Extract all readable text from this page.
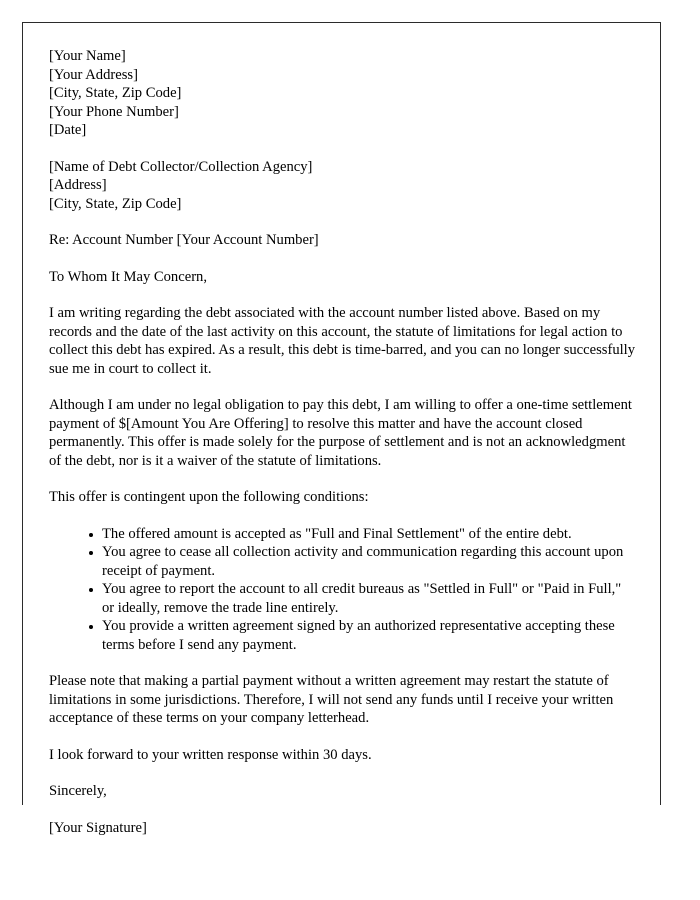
[Your Name]
[Your Address]
[City, State, Zip Code]
[Your Phone Number]
[Date]
[Name of Debt Collector/Collection Agency]
[Address]
[City, State, Zip Code]
Re: Account Number [Your Account Number]
To Whom It May Concern,

I am writing regarding the debt associated with the account number listed above. Based on my records and the date of the last activity on this account, the statute of limitations for legal action to collect this debt has expired. As a result, this debt is time-barred, and you can no longer successfully sue me in court to collect it.

Although I am under no legal obligation to pay this debt, I am willing to offer a one-time settlement payment of $[Amount You Are Offering] to resolve this matter and have the account closed permanently. This offer is made solely for the purpose of settlement and is not an acknowledgment of the debt, nor is it a waiver of the statute of limitations.

This offer is contingent upon the following conditions:

The offered amount is accepted as "Full and Final Settlement" of the entire debt.
You agree to cease all collection activity and communication regarding this account upon receipt of payment.
You agree to report the account to all credit bureaus as "Settled in Full" or "Paid in Full," or ideally, remove the trade line entirely.
You provide a written agreement signed by an authorized representative accepting these terms before I send any payment.

Please note that making a partial payment without a written agreement may restart the statute of limitations in some jurisdictions. Therefore, I will not send any funds until I receive your written acceptance of these terms on your company letterhead.

I look forward to your written response within 30 days.

Sincerely,
[Your Signature]
